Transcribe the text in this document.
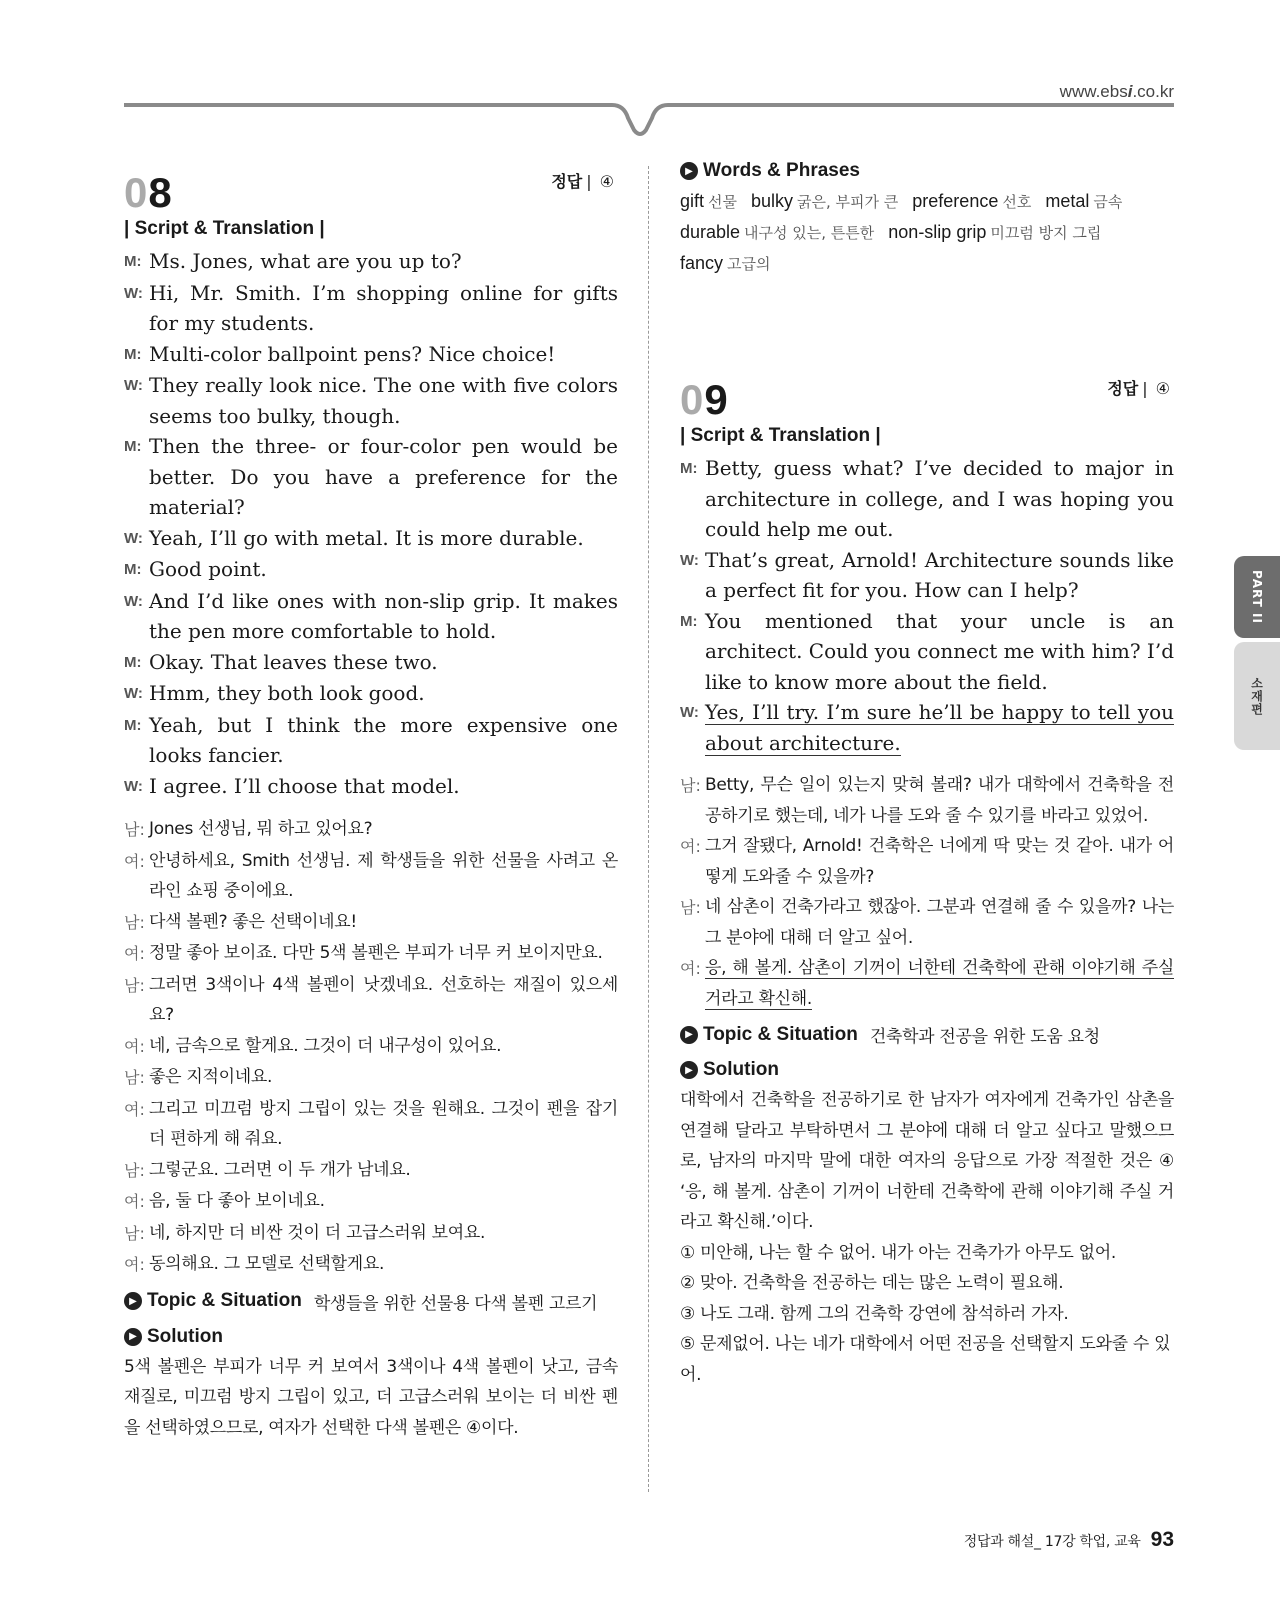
www.ebsi.co.kr
08	정답 | ④
| Script & Translation |
M: Ms. Jones, what are you up to?
W: Hi, Mr. Smith. I’m shopping online for gifts for my students.
M: Multi-color ballpoint pens? Nice choice!
W: They really look nice. The one with five colors seems too bulky, though.
M: Then the three- or four-color pen would be better. Do you have a preference for the material?
W: Yeah, I’ll go with metal. It is more durable.
M: Good point.
W: And I’d like ones with non-slip grip. It makes the pen more comfortable to hold.
M: Okay. That leaves these two.
W: Hmm, they both look good.
M: Yeah, but I think the more expensive one looks fancier.
W: I agree. I’ll choose that model.
남: Jones 선생님, 뭐 하고 있어요?
여: 안녕하세요, Smith 선생님. 제 학생들을 위한 선물을 사려고 온라인 쇼핑 중이에요.
남: 다색 볼펜? 좋은 선택이네요!
여: 정말 좋아 보이죠. 다만 5색 볼펜은 부피가 너무 커 보이지만요.
남: 그러면 3색이나 4색 볼펜이 낫겠네요. 선호하는 재질이 있으세요?
여: 네, 금속으로 할게요. 그것이 더 내구성이 있어요.
남: 좋은 지적이네요.
여: 그리고 미끄럼 방지 그립이 있는 것을 원해요. 그것이 펜을 잡기 더 편하게 해 줘요.
남: 그렇군요. 그러면 이 두 개가 남네요.
여: 음, 둘 다 좋아 보이네요.
남: 네, 하지만 더 비싼 것이 더 고급스러워 보여요.
여: 동의해요. 그 모델로 선택할게요.
▶ Topic & Situation 학생들을 위한 선물용 다색 볼펜 고르기
▶ Solution
5색 볼펜은 부피가 너무 커 보여서 3색이나 4색 볼펜이 낫고, 금속 재질로, 미끄럼 방지 그립이 있고, 더 고급스러워 보이는 더 비싼 펜을 선택하였으므로, 여자가 선택한 다색 볼펜은 ④이다.
▶ Words & Phrases
gift 선물 bulky 굵은, 부피가 큰 preference 선호 metal 금속durable 내구성 있는, 튼튼한 non-slip grip 미끄럼 방지 그립fancy 고급의
09	정답 | ④
| Script & Translation |
M: Betty, guess what? I’ve decided to major in architecture in college, and I was hoping you could help me out.
W: That’s great, Arnold! Architecture sounds like a perfect fit for you. How can I help?
M: You mentioned that your uncle is an architect. Could you connect me with him? I’d like to know more about the field.
W: Yes, I’ll try. I’m sure he’ll be happy to tell you about architecture.
남: Betty, 무슨 일이 있는지 맞혀 볼래? 내가 대학에서 건축학을 전공하기로 했는데, 네가 나를 도와 줄 수 있기를 바라고 있었어.
여: 그거 잘됐다, Arnold! 건축학은 너에게 딱 맞는 것 같아. 내가 어떻게 도와줄 수 있을까?
남: 네 삼촌이 건축가라고 했잖아. 그분과 연결해 줄 수 있을까? 나는 그 분야에 대해 더 알고 싶어.
여: 응, 해 볼게. 삼촌이 기꺼이 너한테 건축학에 관해 이야기해 주실 거라고 확신해.
▶ Topic & Situation 건축학과 전공을 위한 도움 요청
▶ Solution
대학에서 건축학을 전공하기로 한 남자가 여자에게 건축가인 삼촌을 연결해 달라고 부탁하면서 그 분야에 대해 더 알고 싶다고 말했으므로, 남자의 마지막 말에 대한 여자의 응답으로 가장 적절한 것은 ④ ‘응, 해 볼게. 삼촌이 기꺼이 너한테 건축학에 관해 이야기해 주실 거라고 확신해.’이다.
① 미안해, 나는 할 수 없어. 내가 아는 건축가가 아무도 없어.
② 맞아. 건축학을 전공하는 데는 많은 노력이 필요해.
③ 나도 그래. 함께 그의 건축학 강연에 참석하러 가자.
⑤ 문제없어. 나는 네가 대학에서 어떤 전공을 선택할지 도와줄 수 있어.
PART II
소재편
정답과 해설_ 17강 학업, 교육 93
